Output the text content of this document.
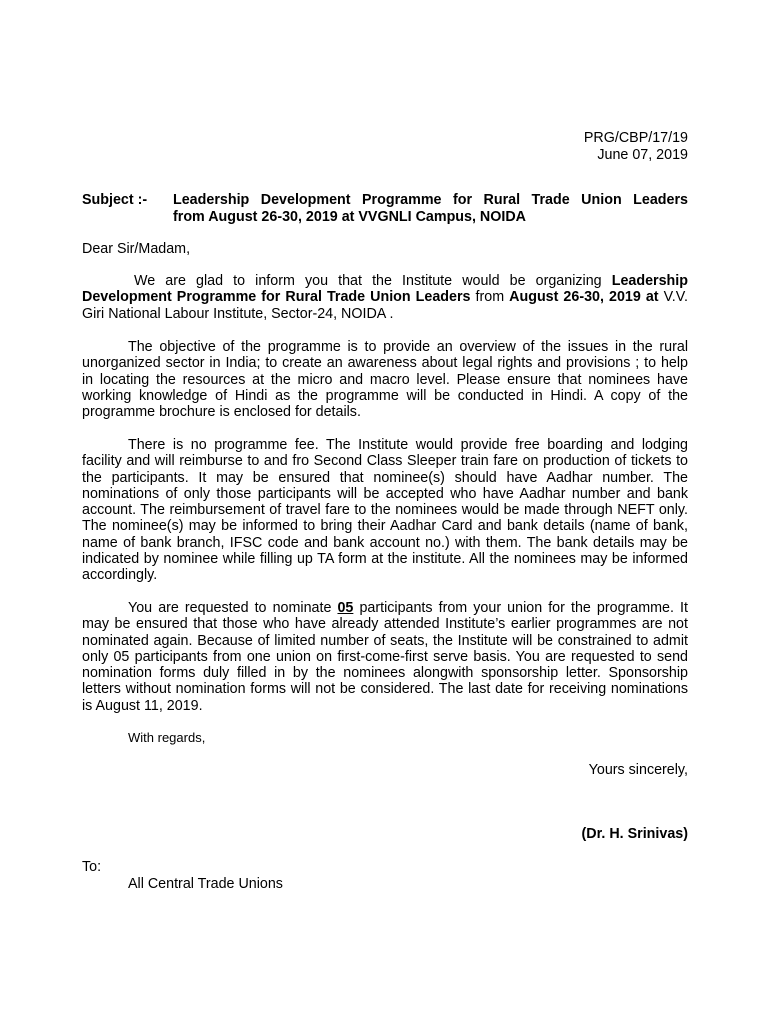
PRG/CBP/17/19
June 07, 2019
Subject :- Leadership Development Programme for Rural Trade Union Leaders
from August 26-30, 2019 at VVGNLI Campus, NOIDA
Dear Sir/Madam,

We are glad to inform you that the Institute would be organizing Leadership Development Programme for Rural Trade Union Leaders from August 26-30, 2019 at V.V. Giri National Labour Institute, Sector-24, NOIDA .

The objective of the programme is to provide an overview of the issues in the rural unorganized sector in India; to create an awareness about legal rights and provisions ; to help in locating the resources at the micro and macro level. Please ensure that nominees have working knowledge of Hindi as the programme will be conducted in Hindi. A copy of the programme brochure is enclosed for details.

There is no programme fee. The Institute would provide free boarding and lodging facility and will reimburse to and fro Second Class Sleeper train fare on production of tickets to the participants. It may be ensured that nominee(s) should have Aadhar number. The nominations of only those participants will be accepted who have Aadhar number and bank account. The reimbursement of travel fare to the nominees would be made through NEFT only. The nominee(s) may be informed to bring their Aadhar Card and bank details (name of bank, name of bank branch, IFSC code and bank account no.) with them. The bank details may be indicated by nominee while filling up TA form at the institute. All the nominees may be informed accordingly.

You are requested to nominate 05 participants from your union for the programme. It may be ensured that those who have already attended Institute’s earlier programmes are not nominated again. Because of limited number of seats, the Institute will be constrained to admit only 05 participants from one union on first-come-first serve basis. You are requested to send nomination forms duly filled in by the nominees alongwith sponsorship letter. Sponsorship letters without nomination forms will not be considered. The last date for receiving nominations is August 11, 2019.

With regards,
Yours sincerely,
(Dr. H. Srinivas)
To:
All Central Trade Unions
